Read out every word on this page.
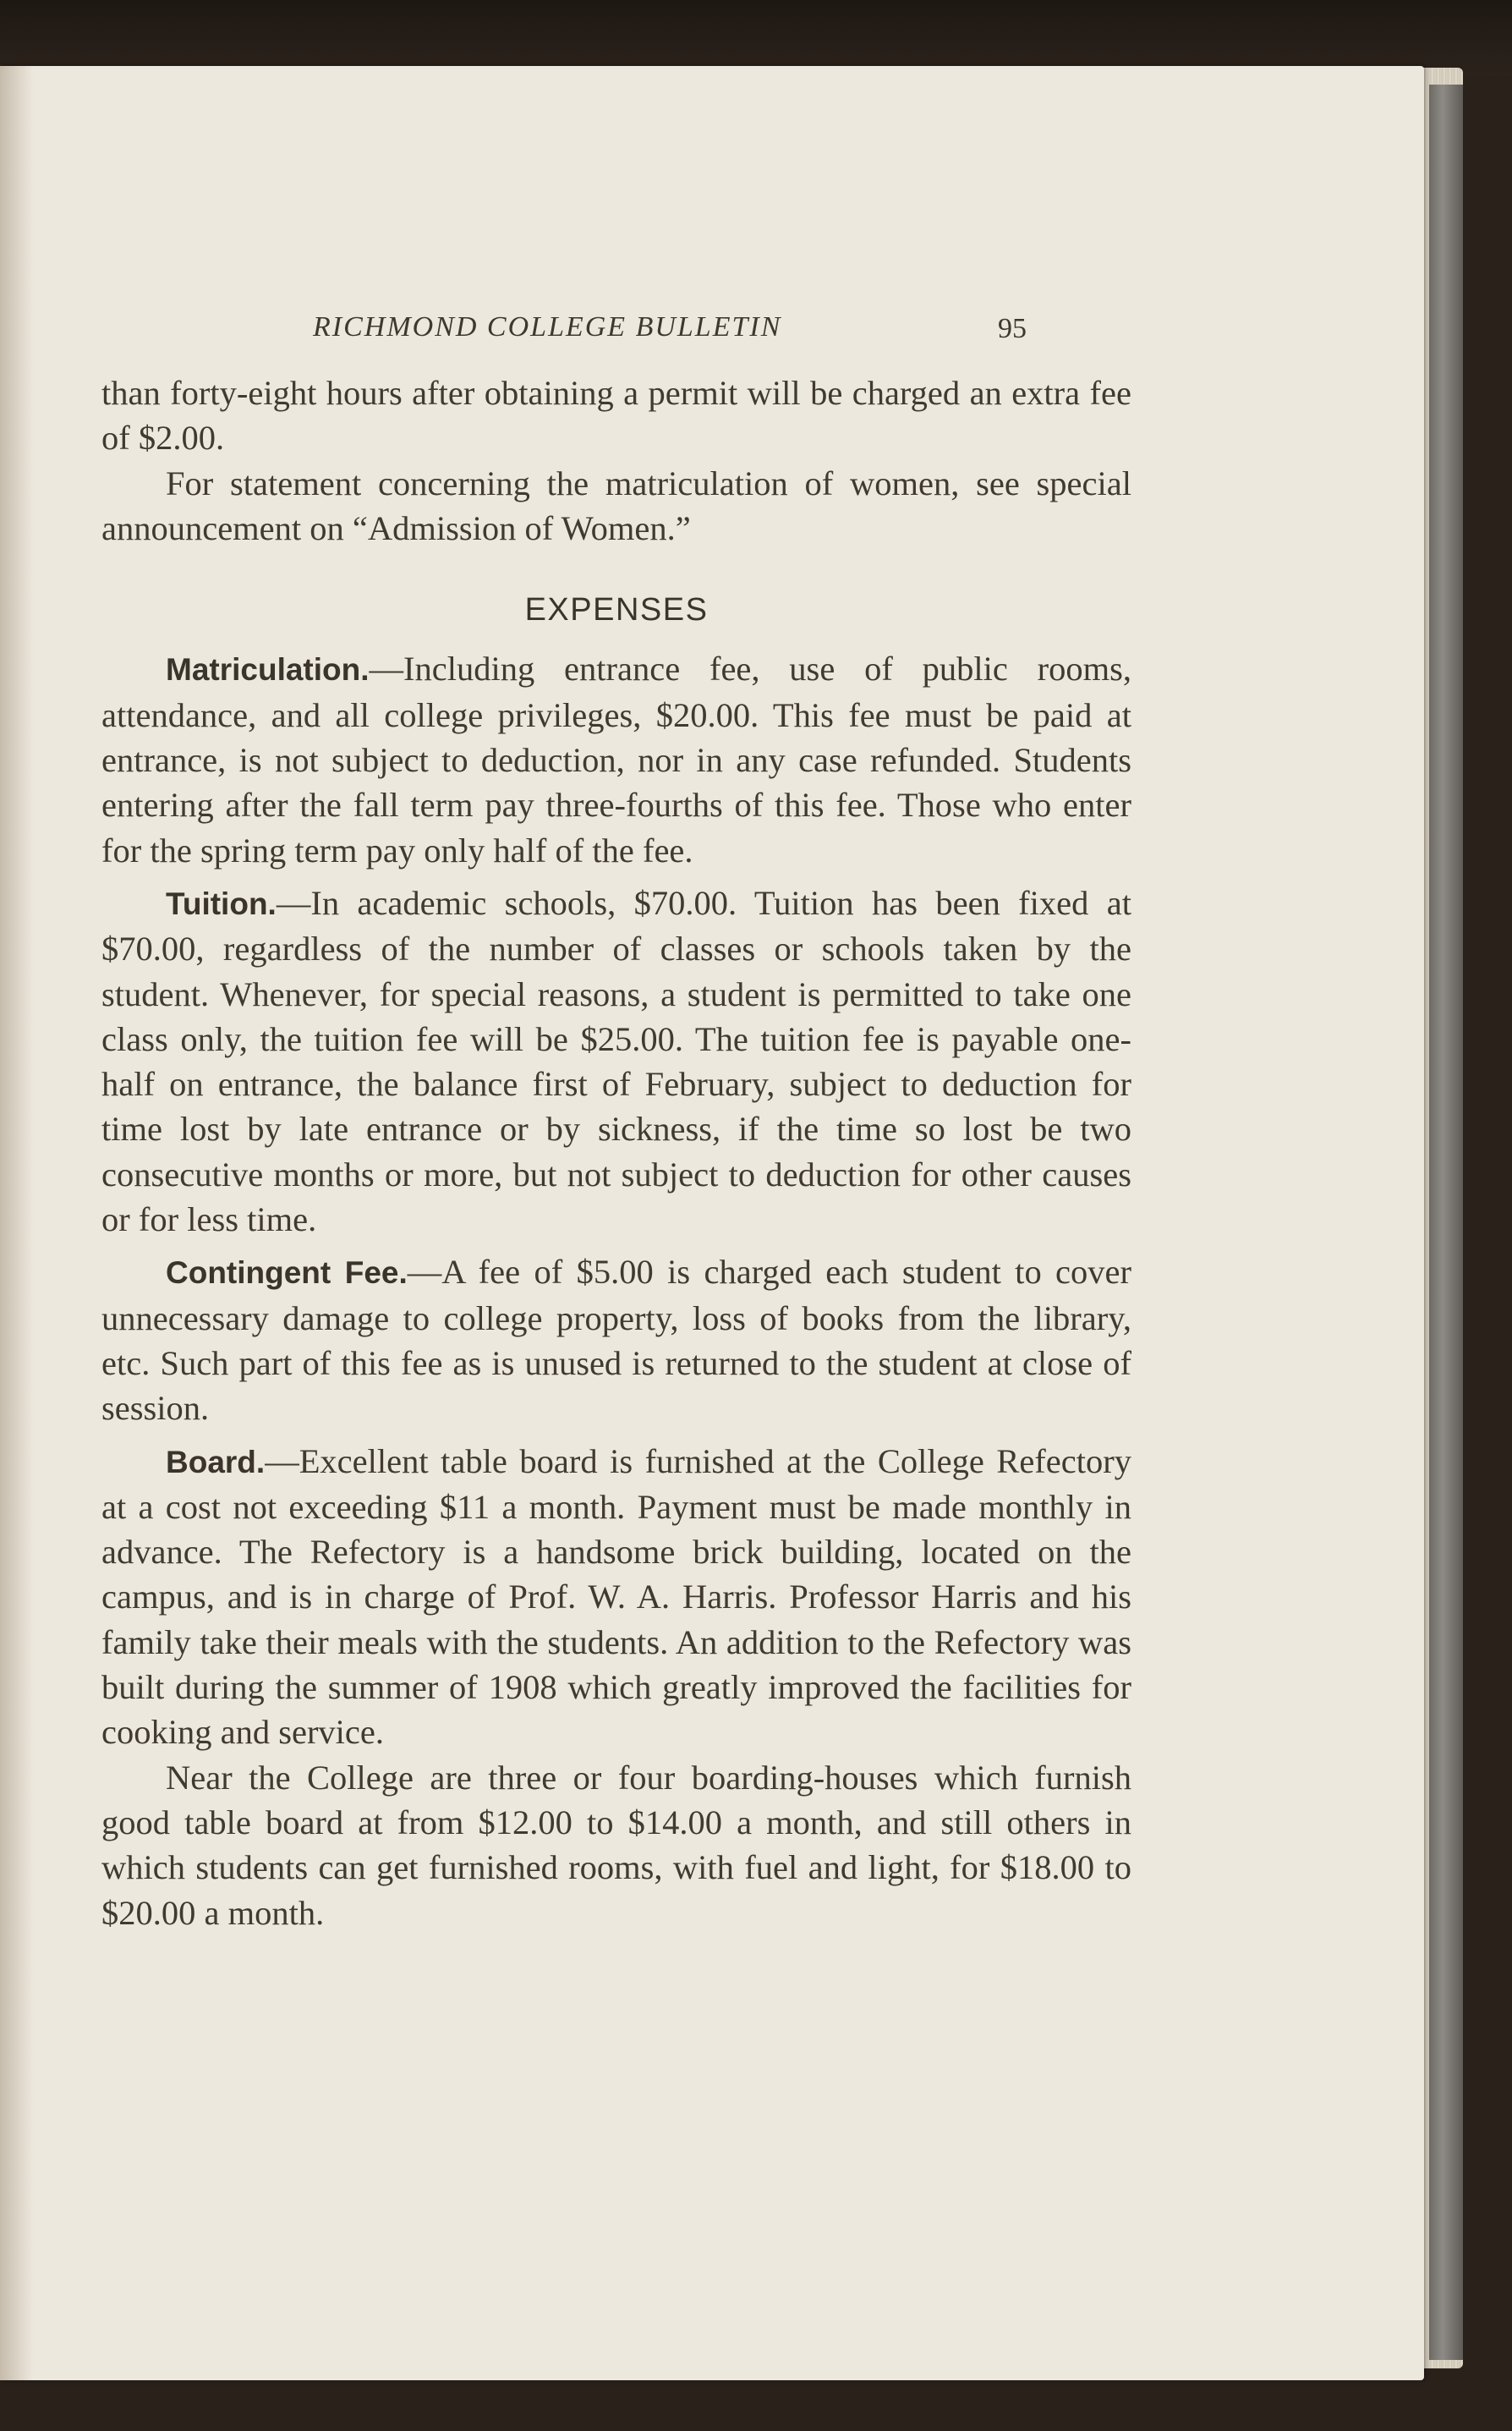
RICHMOND COLLEGE BULLETIN	95

than forty-eight hours after obtaining a permit will be charged an extra fee of $2.00.

For statement concerning the matriculation of women, see special announcement on “Admission of Women.”

EXPENSES

Matriculation.—Including entrance fee, use of public rooms, attendance, and all college privileges, $20.00. This fee must be paid at entrance, is not subject to deduction, nor in any case refunded. Students entering after the fall term pay three-fourths of this fee. Those who enter for the spring term pay only half of the fee.

Tuition.—In academic schools, $70.00. Tuition has been fixed at $70.00, regardless of the number of classes or schools taken by the student. Whenever, for special reasons, a student is permitted to take one class only, the tuition fee will be $25.00. The tuition fee is payable one-half on entrance, the balance first of February, subject to deduction for time lost by late entrance or by sickness, if the time so lost be two consecutive months or more, but not subject to deduction for other causes or for less time.

Contingent Fee.—A fee of $5.00 is charged each student to cover unnecessary damage to college property, loss of books from the library, etc. Such part of this fee as is unused is returned to the student at close of session.

Board.—Excellent table board is furnished at the College Refectory at a cost not exceeding $11 a month. Payment must be made monthly in advance. The Refectory is a handsome brick building, located on the campus, and is in charge of Prof. W. A. Harris. Professor Harris and his family take their meals with the students. An addition to the Refectory was built during the summer of 1908 which greatly improved the facilities for cooking and service.

Near the College are three or four boarding-houses which furnish good table board at from $12.00 to $14.00 a month, and still others in which students can get furnished rooms, with fuel and light, for $18.00 to $20.00 a month.
